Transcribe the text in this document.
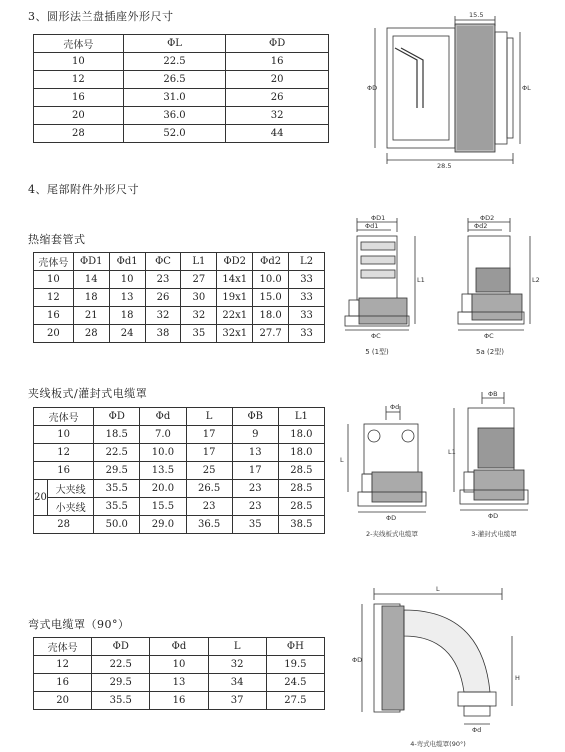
3、圆形法兰盘插座外形尺寸
壳体号	ΦL	ΦD
10	22.5	16
12	26.5	20
16	31.0	26
20	36.0	32
28	52.0	44
15.5
28.5
ΦD	ΦL
4、尾部附件外形尺寸
热缩套管式
壳体号	ΦD1	Φd1	ΦC	L1	ΦD2	Φd2	L2
10	14	10	23	27	14x1	10.0	33
12	18	13	26	30	19x1	15.0	33
16	21	18	32	32	22x1	18.0	33
20	28	24	38	35	32x1	27.7	33
ΦD1
Φd1
L1
ΦC
5 (1型)
ΦD2
Φd2
L2
ΦC
5a (2型)
夹线板式/灌封式电缆罩
壳体号		ΦD	Φd	L	ΦB	L1
10		18.5	7.0	17	9	18.0
12		22.5	10.0	17	13	18.0
16		29.5	13.5	25	17	28.5
20	大夹线	35.5	20.0	26.5	23	28.5
	小夹线	35.5	15.5	23	23	28.5
28		50.0	29.0	36.5	35	38.5
Φd
L
ΦD
2-夹线板式电缆罩
ΦB
L1
ΦD
3-灌封式电缆罩
弯式电缆罩（90°）
壳体号	ΦD	Φd	L	ΦH
12	22.5	10	32	19.5
16	29.5	13	34	24.5
20	35.5	16	37	27.5
L
ΦD
H
Φd
4-弯式电缆罩(90°)
